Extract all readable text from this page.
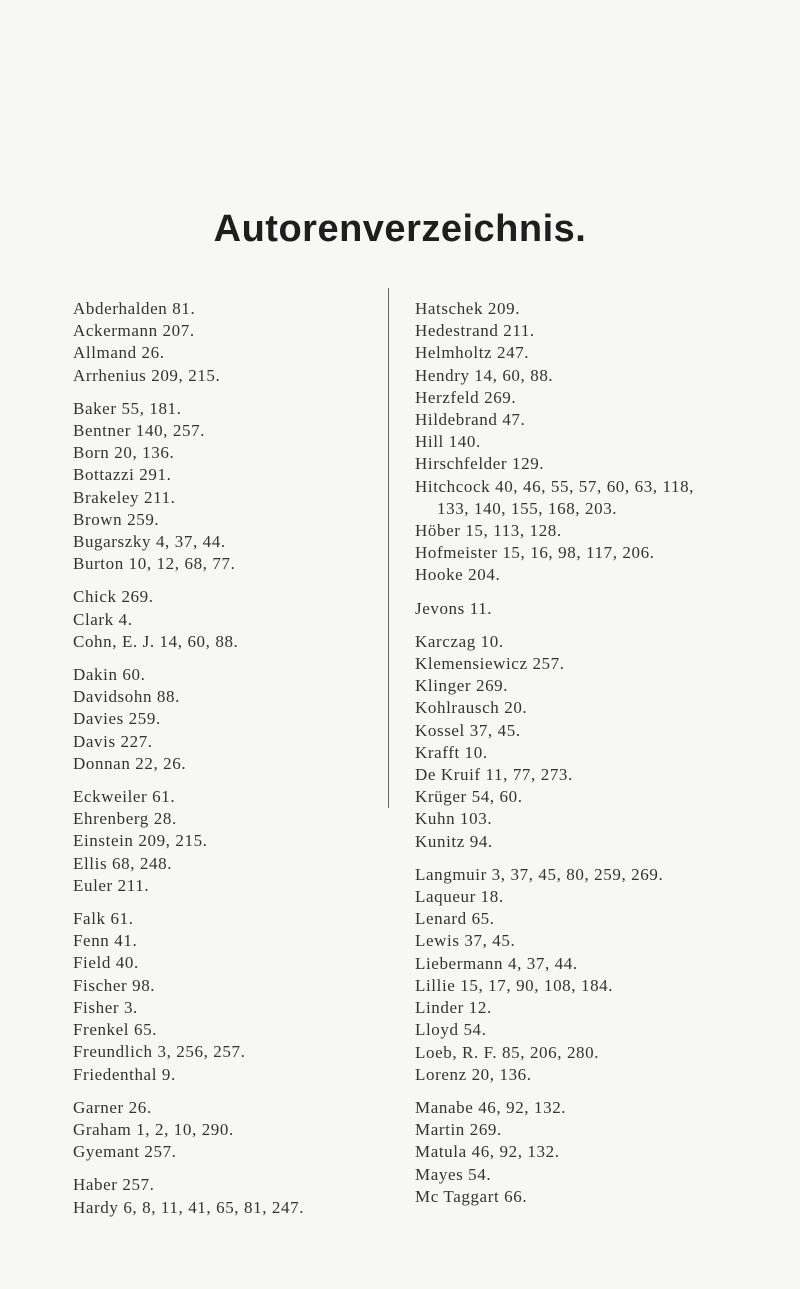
Autorenverzeichnis.
Abderhalden 81.
Ackermann 207.
Allmand 26.
Arrhenius 209, 215.
Baker 55, 181.
Bentner 140, 257.
Born 20, 136.
Bottazzi 291.
Brakeley 211.
Brown 259.
Bugarszky 4, 37, 44.
Burton 10, 12, 68, 77.
Chick 269.
Clark 4.
Cohn, E. J. 14, 60, 88.
Dakin 60.
Davidsohn 88.
Davies 259.
Davis 227.
Donnan 22, 26.
Eckweiler 61.
Ehrenberg 28.
Einstein 209, 215.
Ellis 68, 248.
Euler 211.
Falk 61.
Fenn 41.
Field 40.
Fischer 98.
Fisher 3.
Frenkel 65.
Freundlich 3, 256, 257.
Friedenthal 9.
Garner 26.
Graham 1, 2, 10, 290.
Gyemant 257.
Haber 257.
Hardy 6, 8, 11, 41, 65, 81, 247.
Hatschek 209.
Hedestrand 211.
Helmholtz 247.
Hendry 14, 60, 88.
Herzfeld 269.
Hildebrand 47.
Hill 140.
Hirschfelder 129.
Hitchcock 40, 46, 55, 57, 60, 63, 118,
133, 140, 155, 168, 203.
Höber 15, 113, 128.
Hofmeister 15, 16, 98, 117, 206.
Hooke 204.
Jevons 11.
Karczag 10.
Klemensiewicz 257.
Klinger 269.
Kohlrausch 20.
Kossel 37, 45.
Krafft 10.
De Kruif 11, 77, 273.
Krüger 54, 60.
Kuhn 103.
Kunitz 94.
Langmuir 3, 37, 45, 80, 259, 269.
Laqueur 18.
Lenard 65.
Lewis 37, 45.
Liebermann 4, 37, 44.
Lillie 15, 17, 90, 108, 184.
Linder 12.
Lloyd 54.
Loeb, R. F. 85, 206, 280.
Lorenz 20, 136.
Manabe 46, 92, 132.
Martin 269.
Matula 46, 92, 132.
Mayes 54.
Mc Taggart 66.
